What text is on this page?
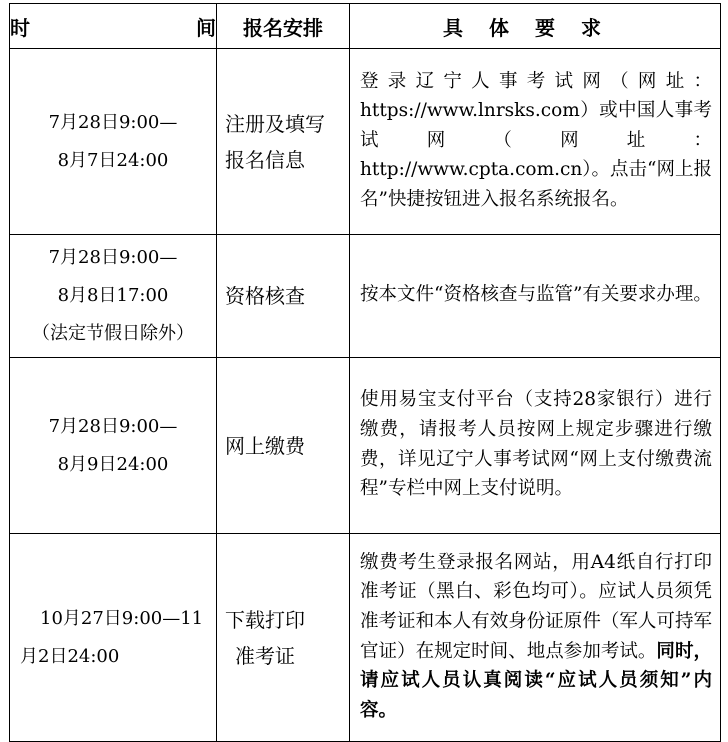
时间	报名安排	具体要求

7月28日9:00—
8月7日24:00	注册及填写
报名信息	登录辽宁人事考试网（网址：https://www.lnrsks.com）或中国人事考试网（网址：http://www.cpta.com.cn）。点击“网上报名”快捷按钮进入报名系统报名。

7月28日9:00—
8月8日17:00
（法定节假日除外）	资格核查	按本文件“资格核查与监管”有关要求办理。

7月28日9:00—
8月9日24:00	网上缴费	使用易宝支付平台（支持28家银行）进行缴费，请报考人员按网上规定步骤进行缴费，详见辽宁人事考试网“网上支付缴费流程”专栏中网上支付说明。

10月27日9:00—11
月2日24:00	下载打印
准考证	缴费考生登录报名网站，用A4纸自行打印准考证（黑白、彩色均可）。应试人员须凭准考证和本人有效身份证原件（军人可持军官证）在规定时间、地点参加考试。同时，请应试人员认真阅读“应试人员须知”内容。
